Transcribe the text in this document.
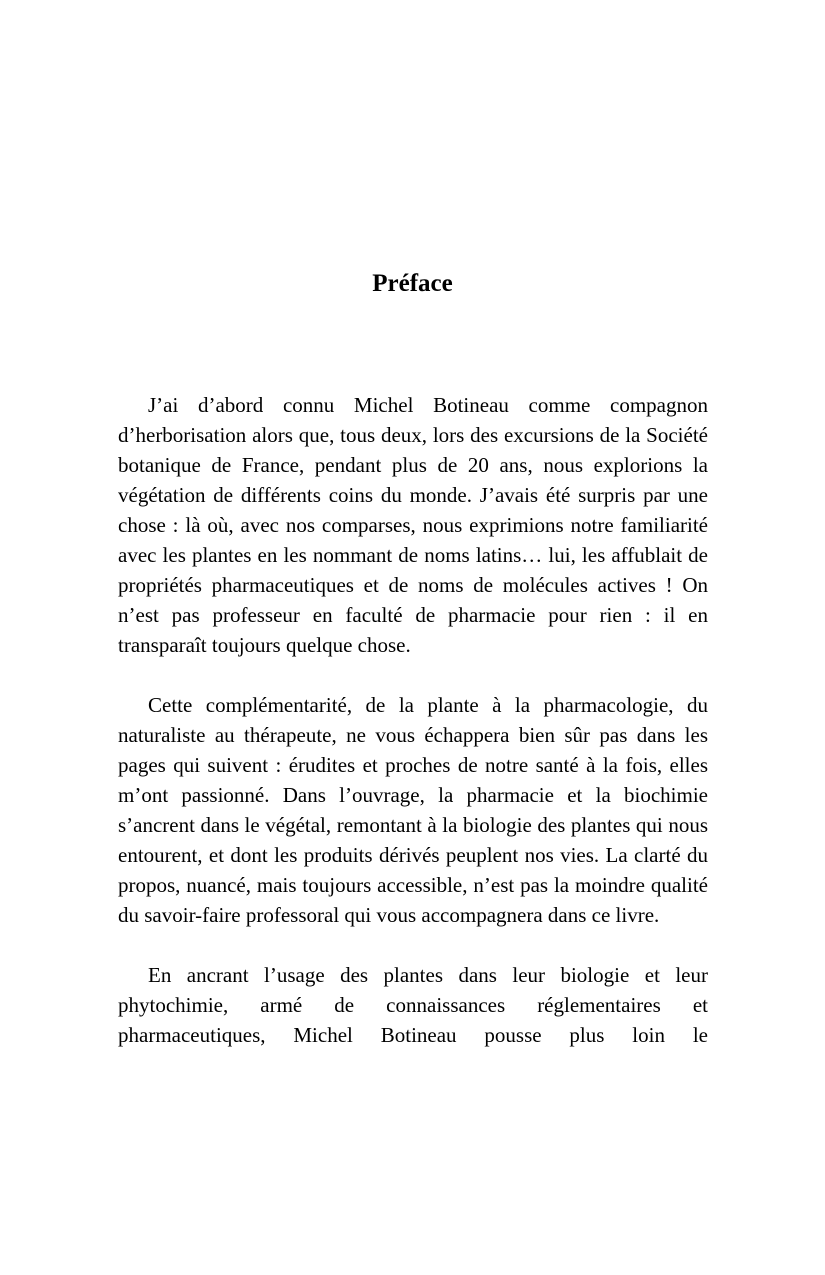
Préface

J’ai d’abord connu Michel Botineau comme compagnon d’herborisation alors que, tous deux, lors des excursions de la Société botanique de France, pendant plus de 20 ans, nous explorions la végétation de différents coins du monde. J’avais été surpris par une chose : là où, avec nos comparses, nous exprimions notre familiarité avec les plantes en les nommant de noms latins… lui, les affublait de propriétés pharmaceutiques et de noms de molécules actives ! On n’est pas professeur en faculté de pharmacie pour rien : il en transparaît toujours quelque chose.

Cette complémentarité, de la plante à la pharmacologie, du naturaliste au thérapeute, ne vous échappera bien sûr pas dans les pages qui suivent : érudites et proches de notre santé à la fois, elles m’ont passionné. Dans l’ouvrage, la pharmacie et la biochimie s’ancrent dans le végétal, remontant à la biologie des plantes qui nous entourent, et dont les produits dérivés peuplent nos vies. La clarté du propos, nuancé, mais toujours accessible, n’est pas la moindre qualité du savoir-faire professoral qui vous accompagnera dans ce livre.

En ancrant l’usage des plantes dans leur biologie et leur phytochimie, armé de connaissances réglementaires et pharmaceutiques, Michel Botineau pousse plus loin le
